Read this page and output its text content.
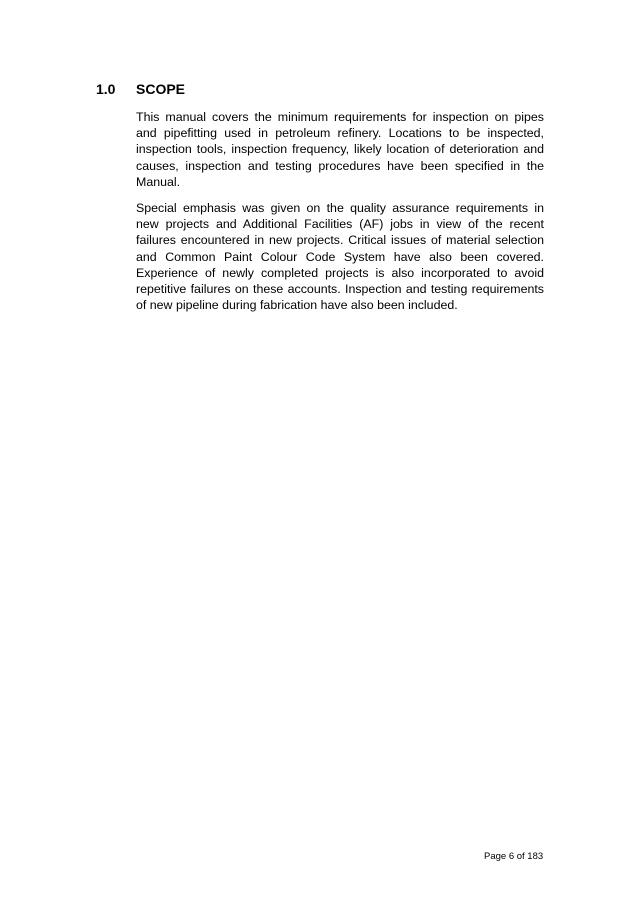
1.0 SCOPE

This manual covers the minimum requirements for inspection on pipes and pipefitting used in petroleum refinery. Locations to be inspected, inspection tools, inspection frequency, likely location of deterioration and causes, inspection and testing procedures have been specified in the Manual.

Special emphasis was given on the quality assurance requirements in new projects and Additional Facilities (AF) jobs in view of the recent failures encountered in new projects. Critical issues of material selection and Common Paint Colour Code System have also been covered. Experience of newly completed projects is also incorporated to avoid repetitive failures on these accounts. Inspection and testing requirements of new pipeline during fabrication have also been included.

Page 6 of 183
